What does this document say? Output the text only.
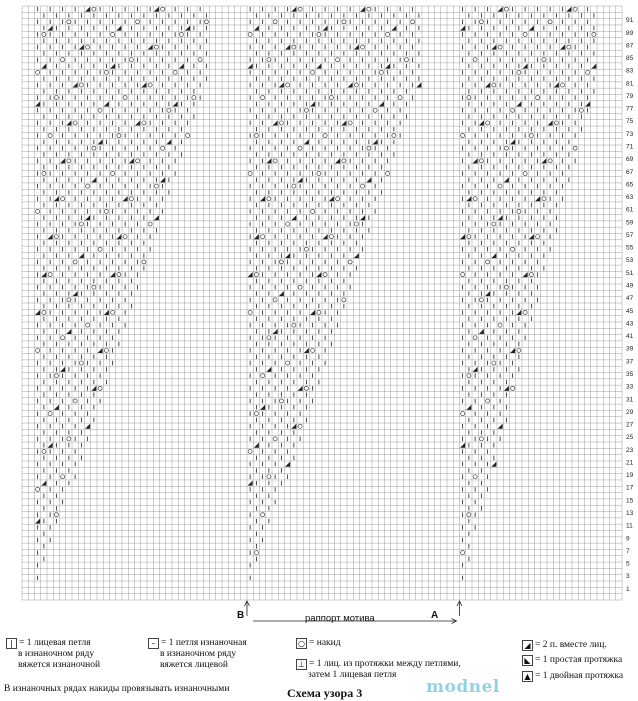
1
3
5
7
9
11
13
15
17
19
21
23
25
27
29
31
33
35
37
39
41
43
45
47
49
51
53
55
57
59
61
63
65
67
69
71
73
75
77
79
81
83
85
87
89
91
B	раппорт мотива	A
| = 1 лицевая петля
в изнаночном ряду
вяжется изнаночной
– = 1 петля изнаночная
в изнаночном ряду
вяжется лицевой
○ = накид
⊥ = 1 лиц. из протяжки между петлями,
затем 1 лицевая петля
◢ = 2 п. вместе лиц.
◣ = 1 простая протяжка
▲ = 1 двойная протяжка
В изнаночных рядах накиды провязывать изнаночными	Схема узора 3	modnel
